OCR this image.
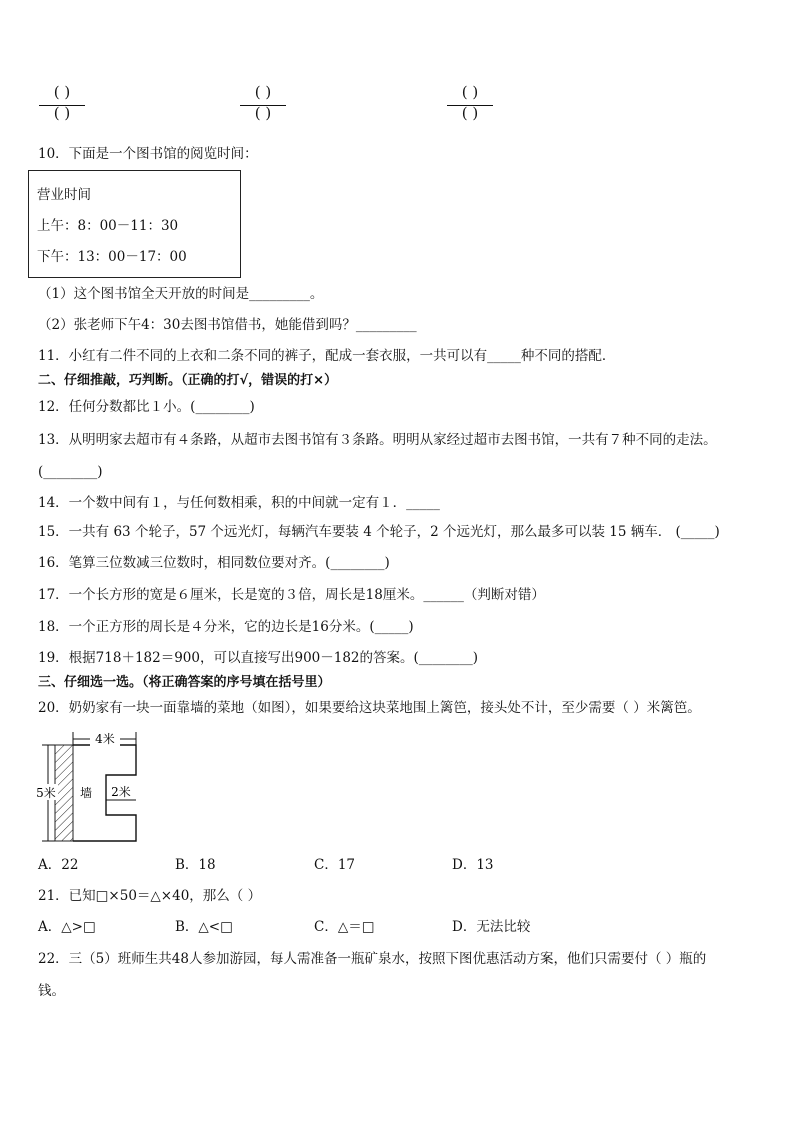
( )
( )
( )
( )
( )
( )
10．下面是一个图书馆的阅览时间：
营业时间
上午：8：00－11：30
下午：13：00－17：00
（1）这个图书馆全天开放的时间是_________。
（2）张老师下午4：30去图书馆借书，她能借到吗？_________
11．小红有二件不同的上衣和二条不同的裤子，配成一套衣服，一共可以有_____种不同的搭配．
二、仔细推敲，巧判断。（正确的打√，错误的打×）
12．任何分数都比１小。(________)
13．从明明家去超市有４条路，从超市去图书馆有３条路。明明从家经过超市去图书馆，一共有７种不同的走法。
(________)
14．一个数中间有１，与任何数相乘，积的中间就一定有１．_____
15．一共有 63 个轮子，57 个远光灯，每辆汽车要装 4 个轮子，2 个远光灯，那么最多可以装 15 辆车． (_____)
16．笔算三位数减三位数时，相同数位要对齐。(________)
17．一个长方形的宽是６厘米，长是宽的３倍，周长是18厘米。______（判断对错）
18．一个正方形的周长是４分米，它的边长是16分米。(_____)
19．根据718＋182＝900，可以直接写出900－182的答案。(________)
三、仔细选一选。（将正确答案的序号填在括号里）
20．奶奶家有一块一面靠墙的菜地（如图），如果要给这块菜地围上篱笆，接头处不计，至少需要（ ）米篱笆。
4米
5米 墙 2米
A．22	B．18	C．17	D．13
21．已知□×50＝△×40，那么（ ）
A．△>□	B．△<□	C．△＝□	D．无法比较
22．三（5）班师生共48人参加游园，每人需准备一瓶矿泉水，按照下图优惠活动方案，他们只需要付（ ）瓶的
钱。
